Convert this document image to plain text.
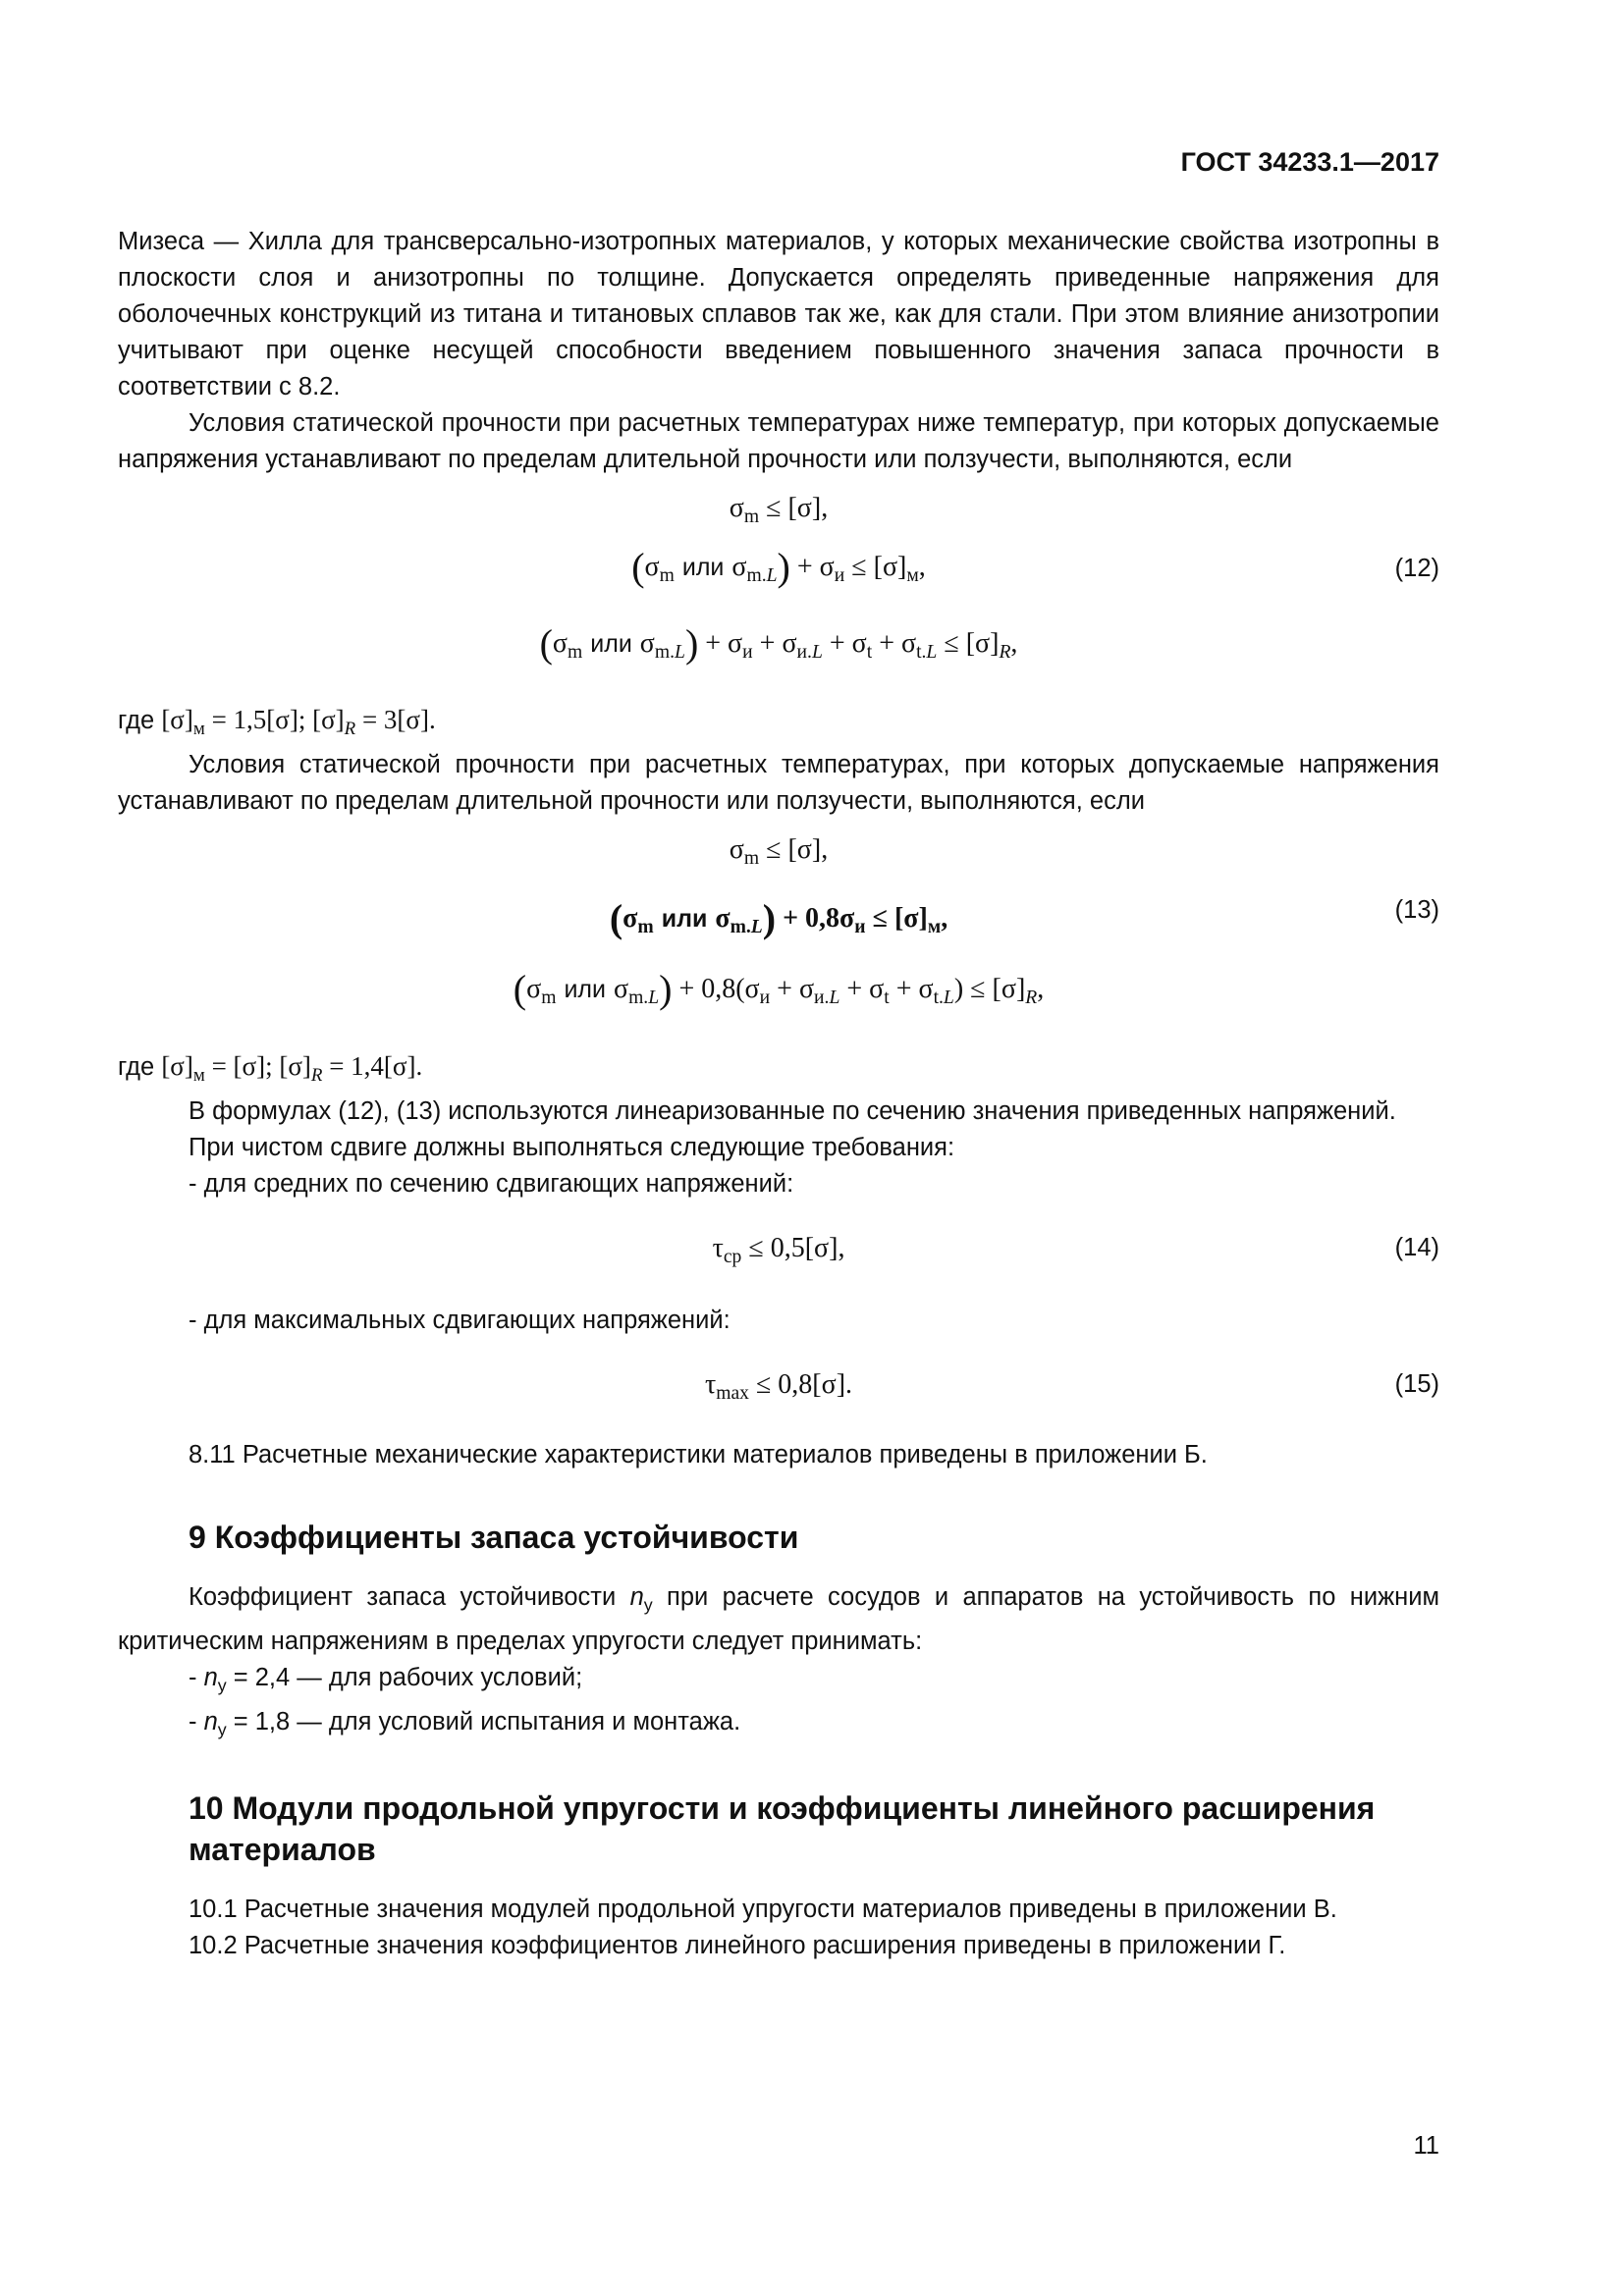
ГОСТ 34233.1—2017

Мизеса — Хилла для трансверсально-изотропных материалов, у которых механические свойства изотропны в плоскости слоя и анизотропны по толщине. Допускается определять приведенные напряжения для оболочечных конструкций из титана и титановых сплавов так же, как для стали. При этом влияние анизотропии учитывают при оценке несущей способности введением повышенного значения запаса прочности в соответствии с 8.2.

Условия статической прочности при расчетных температурах ниже температур, при которых допускаемые напряжения устанавливают по пределам длительной прочности или ползучести, выполняются, если

$\sigma_m \le [\sigma]$,
($\sigma_m$ или $\sigma_{m.L}) + \sigma_и \le [\sigma]_м$,	(12)
($\sigma_m$ или $\sigma_{m.L}) + \sigma_и + \sigma_{и.L} + \sigma_t + \sigma_{t.L} \le [\sigma]_R$,

где $[\sigma]_м = 1,5[\sigma]$; $[\sigma]_R = 3[\sigma]$.

Условия статической прочности при расчетных температурах, при которых допускаемые напряжения устанавливают по пределам длительной прочности или ползучести, выполняются, если

$\sigma_m \le [\sigma]$,
($\sigma_m$ или $\sigma_{m.L}) + 0,8\sigma_и \le [\sigma]_м$,	(13)
($\sigma_m$ или $\sigma_{m.L}) + 0,8(\sigma_и + \sigma_{и.L} + \sigma_t + \sigma_{t.L}) \le [\sigma]_R$,

где $[\sigma]_м = [\sigma]$; $[\sigma]_R = 1,4[\sigma]$.

В формулах (12), (13) используются линеаризованные по сечению значения приведенных напряжений.

При чистом сдвиге должны выполняться следующие требования:

- для средних по сечению сдвигающих напряжений:

$\tau_{ср} \le 0,5[\sigma]$,	(14)

- для максимальных сдвигающих напряжений:

$\tau_{max} \le 0,8[\sigma]$.	(15)

8.11 Расчетные механические характеристики материалов приведены в приложении Б.

9 Коэффициенты запаса устойчивости

Коэффициент запаса устойчивости $n_у$ при расчете сосудов и аппаратов на устойчивость по нижним критическим напряжениям в пределах упругости следует принимать:

- $n_у = 2,4$ — для рабочих условий;

- $n_у = 1,8$ — для условий испытания и монтажа.

10 Модули продольной упругости и коэффициенты линейного расширения материалов

10.1 Расчетные значения модулей продольной упругости материалов приведены в приложении В.

10.2 Расчетные значения коэффициентов линейного расширения приведены в приложении Г.

11
